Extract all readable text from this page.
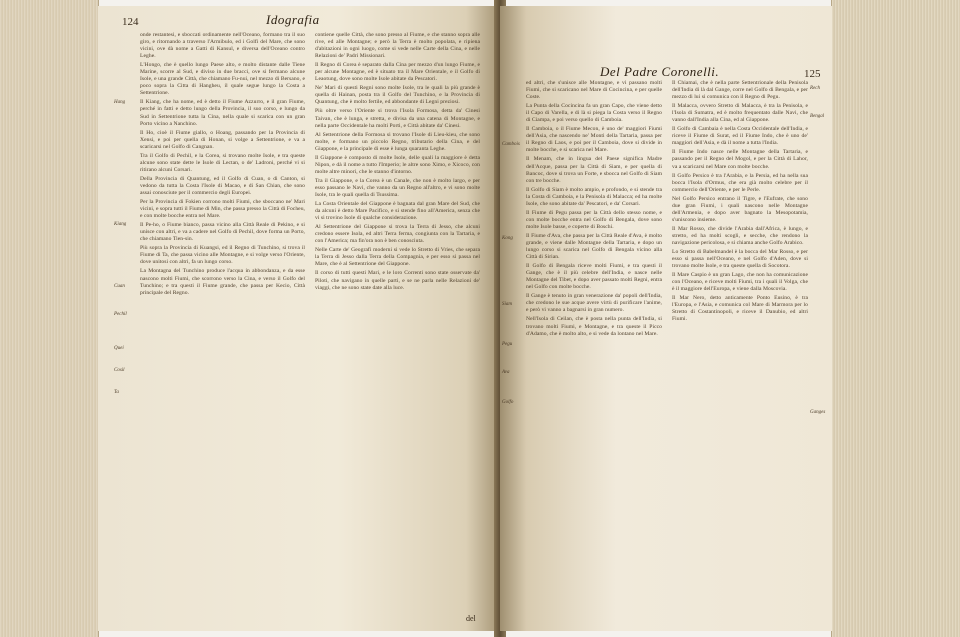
124	Idografia
Hang
Kiang
Cuan
Pechil
Quei
Cosil
Ta

onde restantesi, e sboccati ordinamente nell'Oceano, formano tra il suo giro, e ritornando a traverso l'Armibulo, ed i Golfi del Mare, che sono vicini, ove dà nome a Gatti di Kansul, e diversa dell'Oceano contro Leghe.

L'Hongo, che è quello lungo Paese alto, e molto distante dalle Tiene Marine, scorre al Sud, e diviso in due bracci, ove si fermano alcune Isole, e una grande Città, che chiamano Fu-nui, nel mezzo di Bersano, e poco sopra la Citta di Hangheu, il quale segue lungo la Costa a Settentrione.

Il Kiang, che ha nome, ed è detto il Fiume Azzurro, e il gran Fiume, perché in fatti e detto lungo della Provincia, il suo corso, e lungo da Sud in Settentrione tutta la Cina, nella quale si scarica con un gran Porto vicino a Nanchino.

Il Ho, cioè il Fiume giallo, o Hoang, passando per la Provincia di Xensi, e poi per quella di Honan, si volge a Settentrione, e va a scaricarsi nel Golfo di Cangnan.

Tra il Golfo di Pechil, e la Corea, si trovano molte Isole, e tra queste alcune sono state dette le Isole di Lectan, o de' Ladroni, perché vi si ritirano alcuni Corsari.

Della Provincia di Quantung, ed il Golfo di Cuan, o di Canton, si vedono da tutta la Costa l'Isole di Macao, e di San Chian, che sono assai conosciute per il commercio degli Europei.

Per la Provincia di Fokien corrono molti Fiumi, che sboccano ne' Mari vicini, e sopra tutti il Fiume di Min, che passa presso la Città di Focheu, e con molte bocche entra nel Mare.

Il Pe-ho, o Fiume bianco, passa vicino alla Città Reale di Pekino, e si unisce con altri, e va a cadere nel Golfo di Pechil, dove forma un Porto, che chiamano Tien-sin.

Più sopra la Provincia di Kuangsi, ed il Regno di Tunchino, si trova il Fiume di Ta, che passa vicino alle Montagne, e si volge verso l'Oriente, dove unitosi con altri, fa un lungo corso.

La Montagna del Tunchino produce l'acqua in abbondanza, e da esse nascono molti Fiumi, che scorrono verso la Cina, e verso il Golfo del Tunchino; e tra questi il Fiume grande, che passa per Kecio, Città principale del Regno.

contiene quelle Città, che sono presso al Fiume, e che stanno sopra alle rive, ed alle Montagne; e però la Terra è molto popolata, e ripiena d'abitazioni in ogni luogo, come si vede nelle Carte della Cina, e nelle Relazioni de' Padri Missionari.

Il Regno di Corea è separato dalla Cina per mezzo d'un lungo Fiume, e per alcune Montagne, ed è situato tra il Mare Orientale, e il Golfo di Leaotung, dove sono molte Isole abitate da Pescatori.

Ne' Mari di questi Regni sono molte Isole, tra le quali la più grande è quella di Hainan, posta tra il Golfo del Tunchino, e la Provincia di Quantung, che è molto fertile, ed abbondante di Legni preziosi.

Più oltre verso l'Oriente si trova l'Isola Formosa, detta da' Cinesi Taivan, che è lunga, e stretta, e divisa da una catena di Montagne, e nella parte Occidentale ha molti Porti, e Città abitate da' Cinesi.

Al Settentrione della Formosa si trovano l'Isole di Lieu-kieu, che sono molte, e formano un piccolo Regno, tributario della Cina, e del Giappone, e la principale di esse è lunga quaranta Leghe.

Il Giappone è composto di molte Isole, delle quali la maggiore è detta Nipon, e dà il nome a tutto l'Imperio; le altre sono Ximo, e Xicoco, con molte altre minori, che le stanno d'intorno.

Tra il Giappone, e la Corea è un Canale, che non è molto largo, e per esso passano le Navi, che vanno da un Regno all'altro, e vi sono molte Isole, tra le quali quella di Tsussima.

La Costa Orientale del Giappone è bagnata dal gran Mare del Sud, che da alcuni è detto Mare Pacifico, e si stende fino all'America, senza che vi si trovino Isole di qualche considerazione.

Al Settentrione del Giappone si trova la Terra di Jesso, che alcuni credono essere Isola, ed altri Terra ferma, congiunta con la Tartaria, e con l'America; ma fin'ora non è ben conosciuta.

Nelle Carte de' Geografi moderni si vede lo Stretto di Vries, che separa la Terra di Jesso dalla Terra della Compagnia, e per esso si passa nel Mare, che è al Settentrione del Giappone.

Il corso di tutti questi Mari, e le loro Correnti sono state osservate da' Piloti, che navigano in quelle parti, e se ne parla nelle Relazioni de' viaggi, che ne sono state date alla luce.

del
Del Padre Coronelli.	125

ed altri, che s'unisce alle Montagne, e vi passano molti Fiumi, che si scaricano nel Mare di Cocincina, e per quelle Coste.

La Punta della Cocincina fa un gran Capo, che viene detto il Capo di Varella, e di là si piega la Costa verso il Regno di Ciampa, e poi verso quello di Camboia.

Il Camboia, o il Fiume Mecon, è uno de' maggiori Fiumi dell'Asia, che nascendo ne' Monti della Tartaria, passa per il Regno di Laos, e poi per il Camboia, dove si divide in molte bocche, e si scarica nel Mare.

Il Menam, che in lingua del Paese significa Madre dell'Acque, passa per la Città di Siam, e per quella di Bancoc, dove si trova un Forte, e sbocca nel Golfo di Siam con tre bocche.

Il Golfo di Siam è molto ampio, e profondo, e si stende tra la Costa di Camboia, e la Penisola di Malacca; ed ha molte Isole, che sono abitate da' Pescatori, e da' Corsari.

Il Fiume di Pegu passa per la Città dello stesso nome, e con molte bocche entra nel Golfo di Bengala, dove sono molte Isole basse, e coperte di Boschi.

Il Fiume d'Ava, che passa per la Città Reale d'Ava, è molto grande, e viene dalle Montagne della Tartaria, e dopo un lungo corso si scarica nel Golfo di Bengala vicino alla Città di Sirian.

Il Golfo di Bengala riceve molti Fiumi, e tra questi il Gange, che è il più celebre dell'India, e nasce nelle Montagne del Tibet, e dopo aver passato molti Regni, entra nel Golfo con molte bocche.

Il Gange è tenuto in gran venerazione da' popoli dell'India, che credono le sue acque avere virtù di purificare l'anime, e però vi vanno a bagnarsi in gran numero.

Nell'Isola di Ceilan, che è posta nella punta dell'India, si trovano molti Fiumi, e Montagne, e tra queste il Picco d'Adamo, che è molto alto, e si vede da lontano nel Mare.

Il Chiamai, che è nella parte Settentrionale della Penisola dell'India di là dal Gange, corre nel Golfo di Bengala, e per mezzo di lui si comunica con il Regno di Pegu.

Il Malacca, ovvero Stretto di Malacca, è tra la Penisola, e l'Isola di Sumatra, ed è molto frequentato dalle Navi, che vanno dall'India alla Cina, ed al Giappone.

Il Golfo di Cambaia è nella Costa Occidentale dell'India, e riceve il Fiume di Surat, ed il Fiume Indo, che è uno de' maggiori dell'Asia, e dà il nome a tutta l'India.

Il Fiume Indo nasce nelle Montagne della Tartaria, e passando per il Regno del Mogol, e per la Città di Lahor, va a scaricarsi nel Mare con molte bocche.

Il Golfo Persico è tra l'Arabia, e la Persia, ed ha nella sua bocca l'Isola d'Ormus, che era già molto celebre per il commercio dell'Oriente, e per le Perle.

Nel Golfo Persico entrano il Tigre, e l'Eufrate, che sono due gran Fiumi, i quali nascono nelle Montagne dell'Armenia, e dopo aver bagnato la Mesopotamia, s'uniscono insieme.

Il Mar Rosso, che divide l'Arabia dall'Africa, è lungo, e stretto, ed ha molti scogli, e secche, che rendono la navigazione pericolosa, e si chiama anche Golfo Arabico.

Lo Stretto di Babelmandel è la bocca del Mar Rosso, e per esso si passa nell'Oceano, e nel Golfo d'Aden, dove si trovano molte Isole, e tra queste quella di Socotora.

Il Mare Caspio è un gran Lago, che non ha comunicazione con l'Oceano, e riceve molti Fiumi, tra i quali il Volga, che è il maggiore dell'Europa, e viene dalla Moscovia.

Il Mar Nero, detto anticamente Ponto Eusino, è tra l'Europa, e l'Asia, e comunica col Mare di Marmora per lo Stretto di Costantinopoli, e riceve il Danubio, ed altri Fiumi.

Cambois
Kong
Siam
Pegu
Ava
Golfo
Rech
Bengal
Ganges
